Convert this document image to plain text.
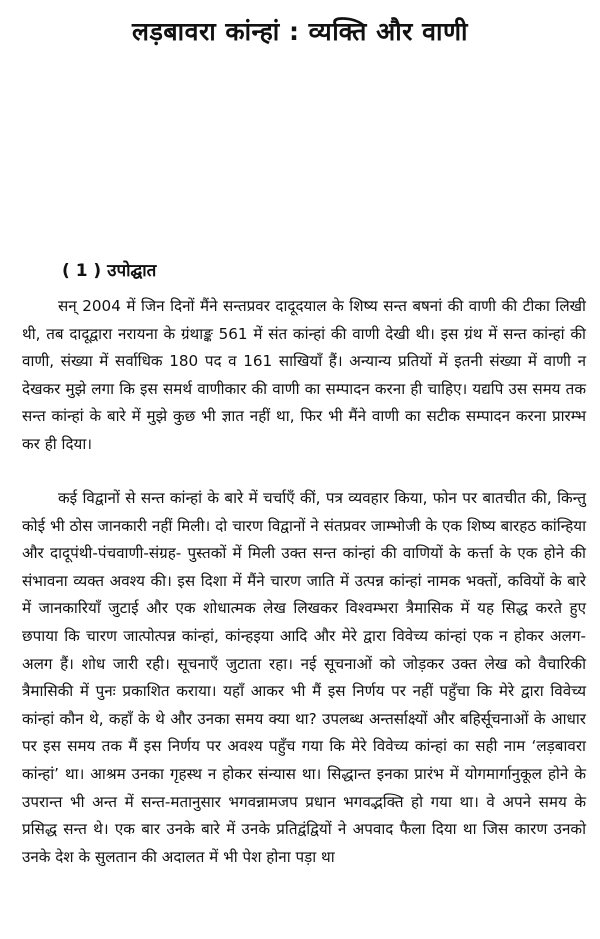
लड़बावरा कांन्हां : व्यक्ति और वाणी
( 1 ) उपोद्घात

सन् 2004 में जिन दिनों मैंने सन्तप्रवर दादूदयाल के शिष्य सन्त बषनां की वाणी की टीका लिखी थी, तब दादूद्वारा नरायना के ग्रंथाङ्क 561 में संत कांन्हां की वाणी देखी थी। इस ग्रंथ में सन्त कांन्हां की वाणी, संख्या में सर्वाधिक 180 पद व 161 साखियाँ हैं। अन्यान्य प्रतियों में इतनी संख्या में वाणी न देखकर मुझे लगा कि इस समर्थ वाणीकार की वाणी का सम्पादन करना ही चाहिए। यद्यपि उस समय तक सन्त कांन्हां के बारे में मुझे कुछ भी ज्ञात नहीं था, फिर भी मैंने वाणी का सटीक सम्पादन करना प्रारम्भ कर ही दिया।

कई विद्वानों से सन्त कांन्हां के बारे में चर्चाएँ कीं, पत्र व्यवहार किया, फोन पर बातचीत की, किन्तु कोई भी ठोस जानकारी नहीं मिली। दो चारण विद्वानों ने संतप्रवर जाम्भोजी के एक शिष्य बारहठ कांन्हिया और दादूपंथी-पंचवाणी-संग्रह- पुस्तकों में मिली उक्त सन्त कांन्हां की वाणियों के कर्त्ता के एक होने की संभावना व्यक्त अवश्य की। इस दिशा में मैंने चारण जाति में उत्पन्न कांन्हां नामक भक्तों, कवियों के बारे में जानकारियाँ जुटाई और एक शोधात्मक लेख लिखकर विश्वम्भरा त्रैमासिक में यह सिद्ध करते हुए छपाया कि चारण जात्पोत्पन्न कांन्हां, कांन्हइया आदि और मेरे द्वारा विवेच्य कांन्हां एक न होकर अलग-अलग हैं। शोध जारी रही। सूचनाएँ जुटाता रहा। नई सूचनाओं को जोड़कर उक्त लेख को वैचारिकी त्रैमासिकी में पुनः प्रकाशित कराया। यहाँ आकर भी मैं इस निर्णय पर नहीं पहुँचा कि मेरे द्वारा विवेच्य कांन्हां कौन थे, कहाँ के थे और उनका समय क्या था? उपलब्ध अन्तर्साक्ष्यों और बहिर्सूचनाओं के आधार पर इस समय तक मैं इस निर्णय पर अवश्य पहुँच गया कि मेरे विवेच्य कांन्हां का सही नाम ‘लड़बावरा कांन्हां’ था। आश्रम उनका गृहस्थ न होकर संन्यास था। सिद्धान्त इनका प्रारंभ में योगमार्गानुकूल होने के उपरान्त भी अन्त में सन्त-मतानुसार भगवन्नामजप प्रधान भगवद्भक्ति हो गया था। वे अपने समय के प्रसिद्ध सन्त थे। एक बार उनके बारे में उनके प्रतिद्वंद्वियों ने अपवाद फैला दिया था जिस कारण उनको उनके देश के सुलतान की अदालत में भी पेश होना पड़ा था
